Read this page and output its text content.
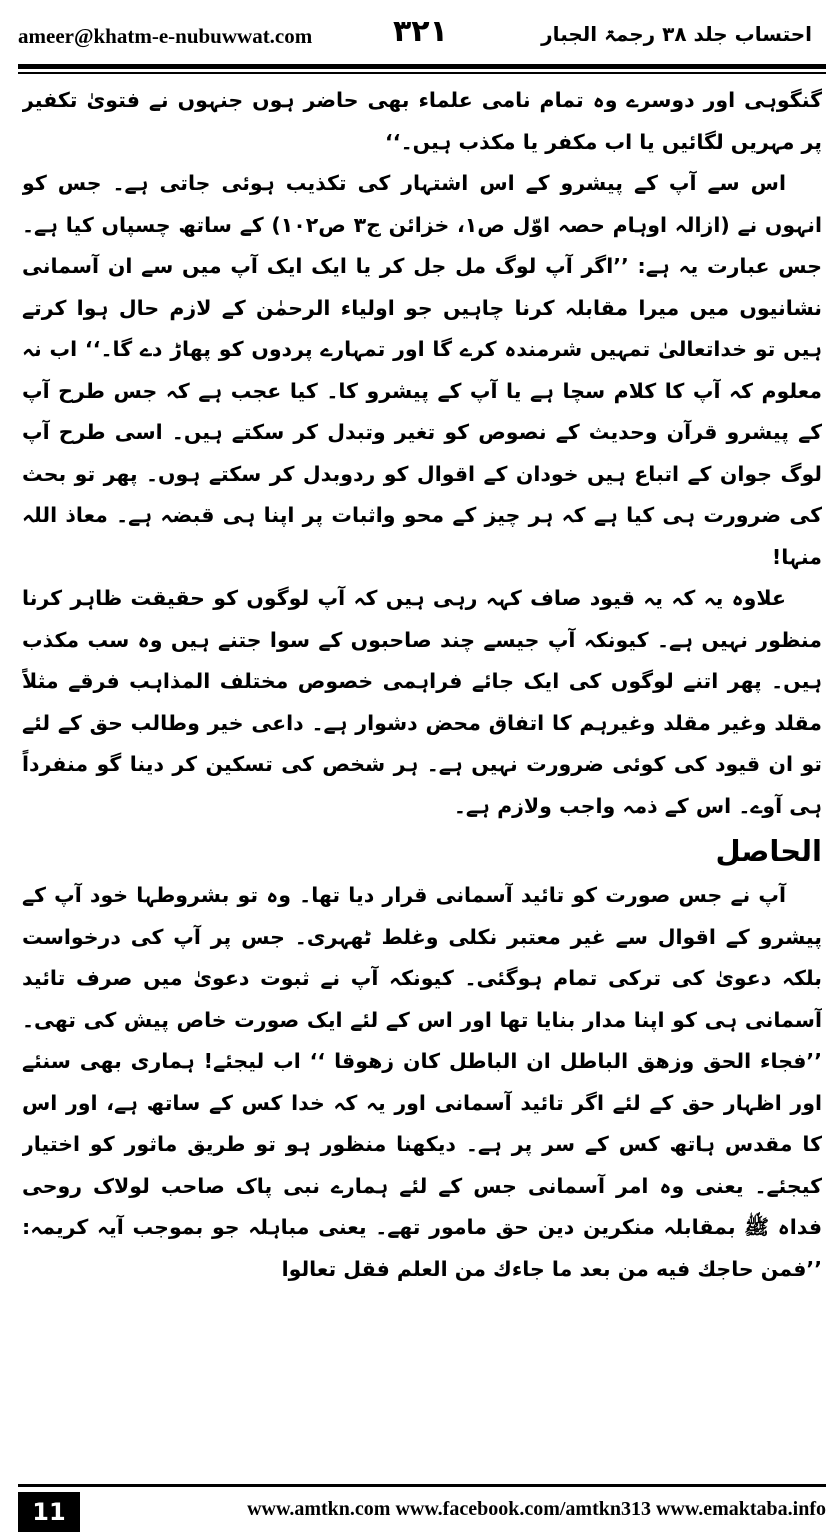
ameer@khatm-e-nubuwwat.com	۳۲۱	احتساب جلد ۳۸ رجمۃ الجبار

گنگوہی اور دوسرے وہ تمام نامی علماء بھی حاضر ہوں جنہوں نے فتویٰ تکفیر پر مہریں لگائیں یا اب مکفر یا مکذب ہیں۔‘‘

اس سے آپ کے پیشرو کے اس اشتہار کی تکذیب ہوئی جاتی ہے۔ جس کو انہوں نے (ازالہ اوہام حصہ اوّل ص۱، خزائن ج۳ ص۱۰۲) کے ساتھ چسپاں کیا ہے۔ جس عبارت یہ ہے: ’’اگر آپ لوگ مل جل کر یا ایک ایک آپ میں سے ان آسمانی نشانیوں میں میرا مقابلہ کرنا چاہیں جو اولیاء الرحمٰن کے لازم حال ہوا کرتے ہیں تو خداتعالیٰ تمہیں شرمندہ کرے گا اور تمہارے پردوں کو پھاڑ دے گا۔‘‘ اب نہ معلوم کہ آپ کا کلام سچا ہے یا آپ کے پیشرو کا۔ کیا عجب ہے کہ جس طرح آپ کے پیشرو قرآن وحدیث کے نصوص کو تغیر وتبدل کر سکتے ہیں۔ اسی طرح آپ لوگ جوان کے اتباع ہیں خودان کے اقوال کو ردوبدل کر سکتے ہوں۔ پھر تو بحث کی ضرورت ہی کیا ہے کہ ہر چیز کے محو واثبات پر اپنا ہی قبضہ ہے۔ معاذ اللہ منہا!

علاوہ یہ کہ یہ قیود صاف کہہ رہی ہیں کہ آپ لوگوں کو حقیقت ظاہر کرنا منظور نہیں ہے۔ کیونکہ آپ جیسے چند صاحبوں کے سوا جتنے ہیں وہ سب مکذب ہیں۔ پھر اتنے لوگوں کی ایک جائے فراہمی خصوص مختلف المذاہب فرقے مثلاً مقلد وغیر مقلد وغیرہم کا اتفاق محض دشوار ہے۔ داعی خیر وطالب حق کے لئے تو ان قیود کی کوئی ضرورت نہیں ہے۔ ہر شخص کی تسکین کر دینا گو منفرداً ہی آوے۔ اس کے ذمہ واجب ولازم ہے۔

الحاصل

آپ نے جس صورت کو تائید آسمانی قرار دیا تھا۔ وہ تو بشروطہا خود آپ کے پیشرو کے اقوال سے غیر معتبر نکلی وغلط ٹھہری۔ جس پر آپ کی درخواست بلکہ دعویٰ کی ترکی تمام ہوگئی۔ کیونکہ آپ نے ثبوت دعویٰ میں صرف تائید آسمانی ہی کو اپنا مدار بنایا تھا اور اس کے لئے ایک صورت خاص پیش کی تھی۔ ’’فجاء الحق وزهق الباطل ان الباطل كان زهوقا ‘‘ اب لیجئے! ہماری بھی سنئے اور اظہار حق کے لئے اگر تائید آسمانی اور یہ کہ خدا کس کے ساتھ ہے، اور اس کا مقدس ہاتھ کس کے سر پر ہے۔ دیکھنا منظور ہو تو طریق ماثور کو اختیار کیجئے۔ یعنی وہ امر آسمانی جس کے لئے ہمارے نبی پاک صاحب لولاک روحی فداہ ﷺ بمقابلہ منکرین دین حق مامور تھے۔ یعنی مباہلہ جو بموجب آیہ کریمہ: ’’فمن حاجك فيه من بعد ما جاءك من العلم فقل تعالوا

11	www.amtkn.com www.facebook.com/amtkn313 www.emaktaba.info
